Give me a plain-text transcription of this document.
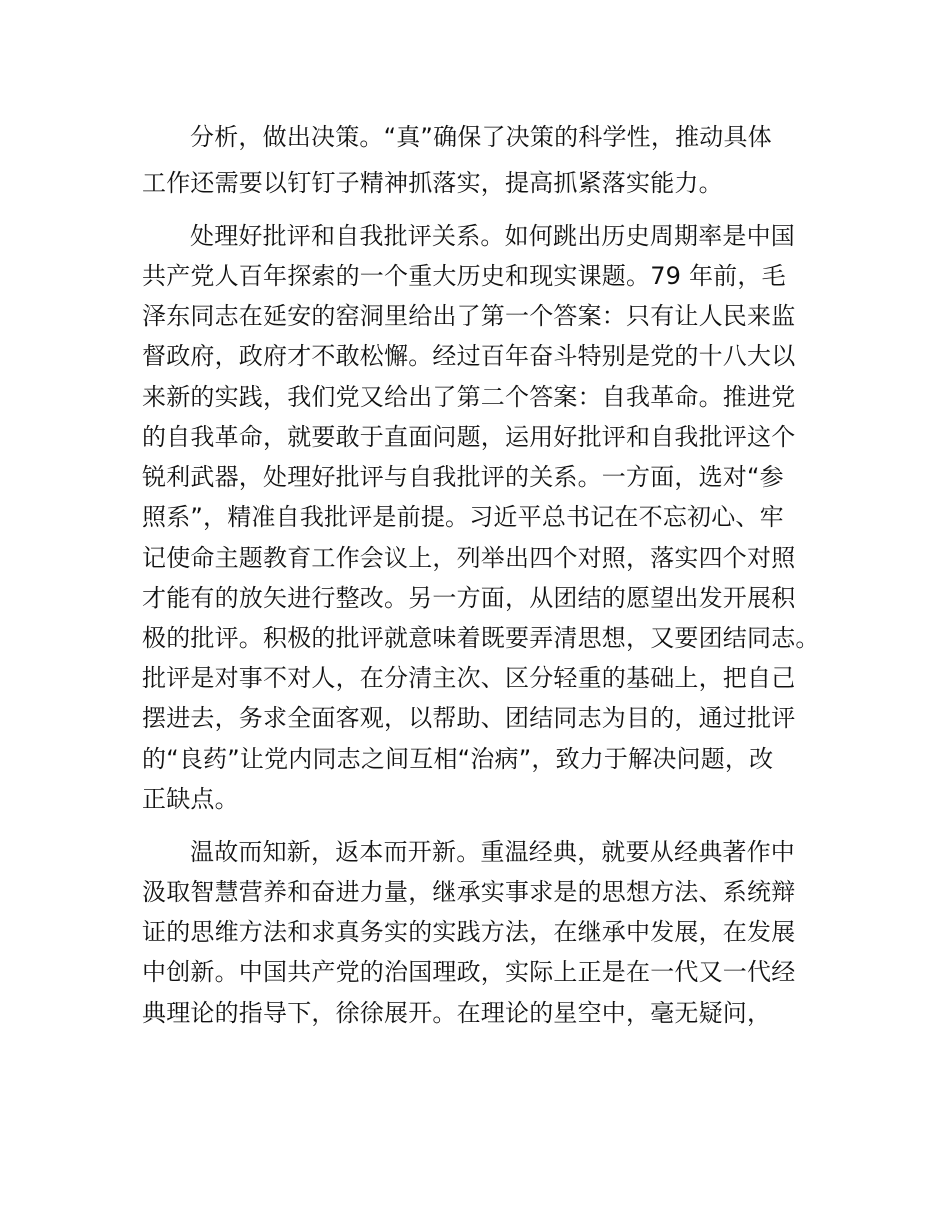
分析，做出决策。“真”确保了决策的科学性，推动具体
工作还需要以钉钉子精神抓落实，提高抓紧落实能力。
处理好批评和自我批评关系。如何跳出历史周期率是中国
共产党人百年探索的一个重大历史和现实课题。79 年前，毛
泽东同志在延安的窑洞里给出了第一个答案：只有让人民来监
督政府，政府才不敢松懈。经过百年奋斗特别是党的十八大以
来新的实践，我们党又给出了第二个答案：自我革命。推进党
的自我革命，就要敢于直面问题，运用好批评和自我批评这个
锐利武器，处理好批评与自我批评的关系。一方面，选对“参
照系”，精准自我批评是前提。习近平总书记在不忘初心、牢
记使命主题教育工作会议上，列举出四个对照，落实四个对照
才能有的放矢进行整改。另一方面，从团结的愿望出发开展积
极的批评。积极的批评就意味着既要弄清思想，又要团结同志。
批评是对事不对人，在分清主次、区分轻重的基础上，把自己
摆进去，务求全面客观，以帮助、团结同志为目的，通过批评
的“良药”让党内同志之间互相“治病”，致力于解决问题，改
正缺点。
温故而知新，返本而开新。重温经典，就要从经典著作中
汲取智慧营养和奋进力量，继承实事求是的思想方法、系统辩
证的思维方法和求真务实的实践方法，在继承中发展，在发展
中创新。中国共产党的治国理政，实际上正是在一代又一代经
典理论的指导下，徐徐展开。在理论的星空中，毫无疑问，
